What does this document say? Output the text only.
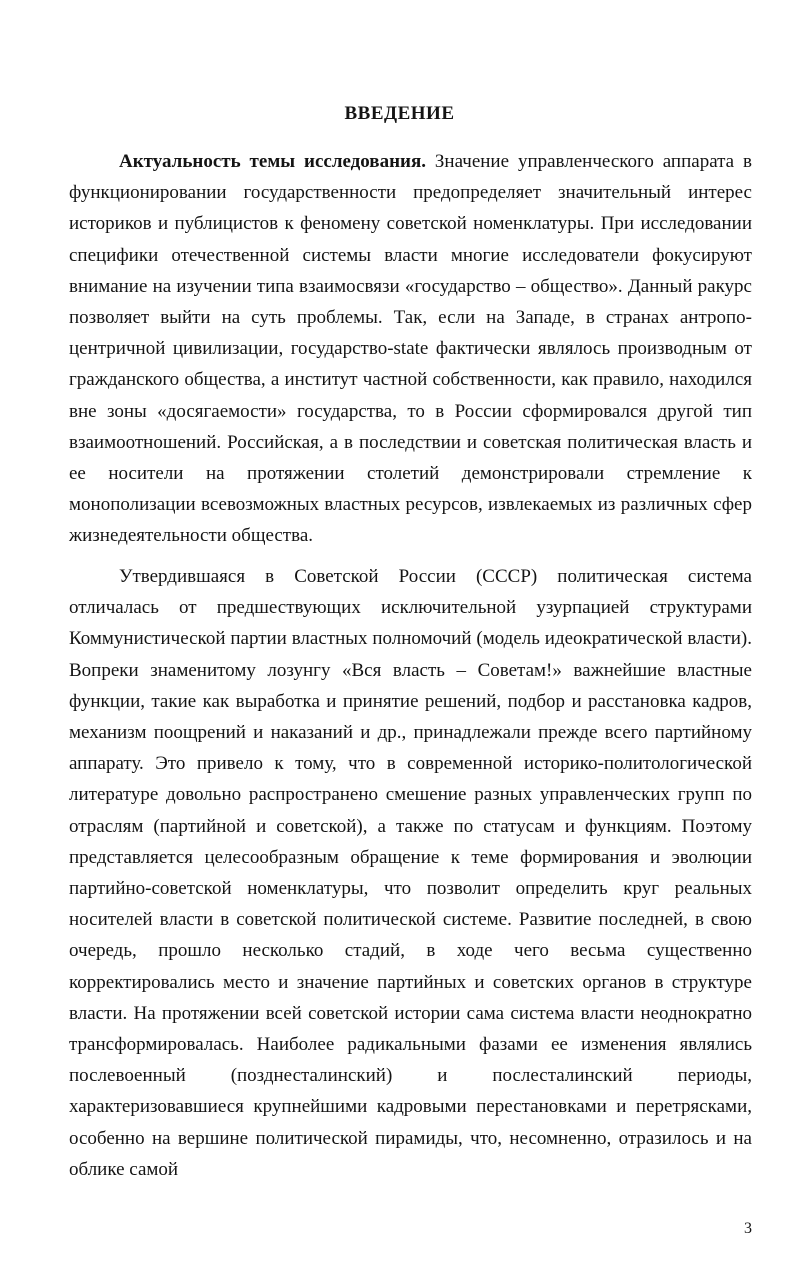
ВВЕДЕНИЕ

Актуальность темы исследования. Значение управленческого аппарата в функционировании государственности предопределяет значительный интерес историков и публицистов к феномену советской номенклатуры. При исследовании специфики отечественной системы власти многие исследователи фокусируют внимание на изучении типа взаимосвязи «государство – общество». Данный ракурс позволяет выйти на суть проблемы. Так, если на Западе, в странах антропо-центричной цивилизации, государство-state фактически являлось производным от гражданского общества, а институт частной собственности, как правило, находился вне зоны «досягаемости» государства, то в России сформировался другой тип взаимоотношений. Российская, а в последствии и советская политическая власть и ее носители на протяжении столетий демонстрировали стремление к монополизации всевозможных властных ресурсов, извлекаемых из различных сфер жизнедеятельности общества.

Утвердившаяся в Советской России (СССР) политическая система отличалась от предшествующих исключительной узурпацией структурами Коммунистической партии властных полномочий (модель идеократической власти). Вопреки знаменитому лозунгу «Вся власть – Советам!» важнейшие властные функции, такие как выработка и принятие решений, подбор и расстановка кадров, механизм поощрений и наказаний и др., принадлежали прежде всего партийному аппарату. Это привело к тому, что в современной историко-политологической литературе довольно распространено смешение разных управленческих групп по отраслям (партийной и советской), а также по статусам и функциям. Поэтому представляется целесообразным обращение к теме формирования и эволюции партийно-советской номенклатуры, что позволит определить круг реальных носителей власти в советской политической системе. Развитие последней, в свою очередь, прошло несколько стадий, в ходе чего весьма существенно корректировались место и значение партийных и советских органов в структуре власти. На протяжении всей советской истории сама система власти неоднократно трансформировалась. Наиболее радикальными фазами ее изменения являлись послевоенный (позднесталинский) и послесталинский периоды, характеризовавшиеся крупнейшими кадровыми перестановками и перетрясками, особенно на вершине политической пирамиды, что, несомненно, отразилось и на облике самой

3
